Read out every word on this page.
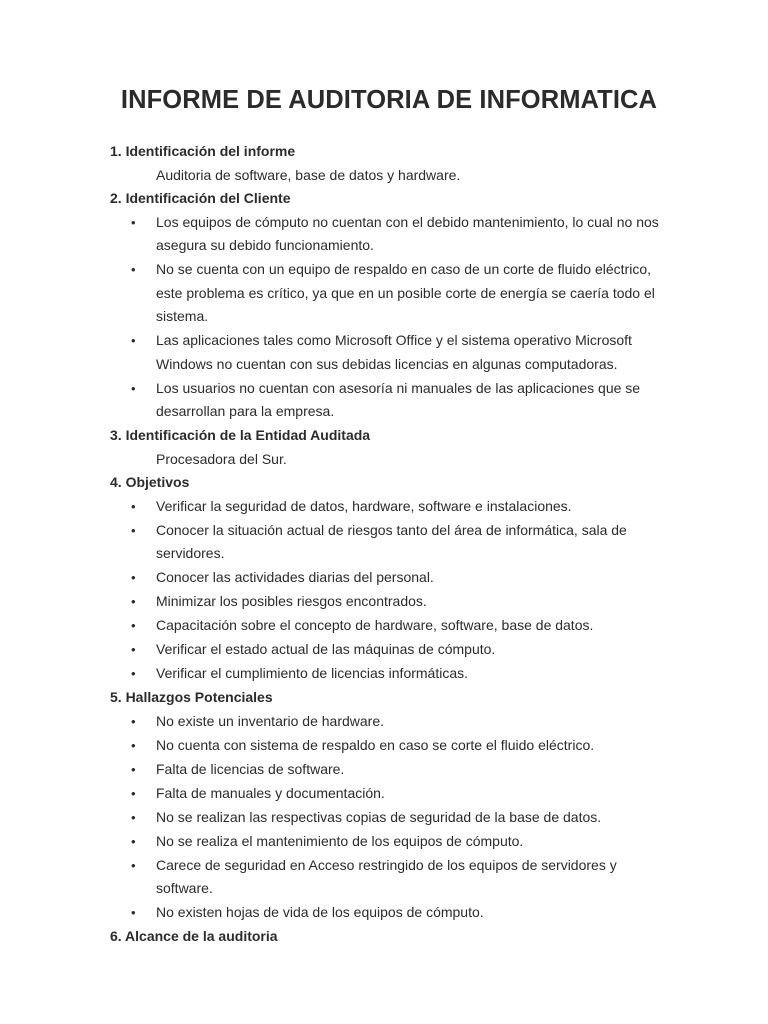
INFORME DE AUDITORIA DE INFORMATICA

1. Identificación del informe

Auditoria de software, base de datos y hardware.

2. Identificación del Cliente

• Los equipos de cómputo no cuentan con el debido mantenimiento, lo cual no nos asegura su debido funcionamiento.
• No se cuenta con un equipo de respaldo en caso de un corte de fluido eléctrico, este problema es crítico, ya que en un posible corte de energía se caería todo el sistema.
• Las aplicaciones tales como Microsoft Office y el sistema operativo Microsoft Windows no cuentan con sus debidas licencias en algunas computadoras.
• Los usuarios no cuentan con asesoría ni manuales de las aplicaciones que se desarrollan para la empresa.

3. Identificación de la Entidad Auditada

Procesadora del Sur.

4. Objetivos

• Verificar la seguridad de datos, hardware, software e instalaciones.
• Conocer la situación actual de riesgos tanto del área de informática, sala de servidores.
• Conocer las actividades diarias del personal.
• Minimizar los posibles riesgos encontrados.
• Capacitación sobre el concepto de hardware, software, base de datos.
• Verificar el estado actual de las máquinas de cómputo.
• Verificar el cumplimiento de licencias informáticas.

5. Hallazgos Potenciales

• No existe un inventario de hardware.
• No cuenta con sistema de respaldo en caso se corte el fluido eléctrico.
• Falta de licencias de software.
• Falta de manuales y documentación.
• No se realizan las respectivas copias de seguridad de la base de datos.
• No se realiza el mantenimiento de los equipos de cómputo.
• Carece de seguridad en Acceso restringido de los equipos de servidores y software.
• No existen hojas de vida de los equipos de cómputo.

6. Alcance de la auditoria
